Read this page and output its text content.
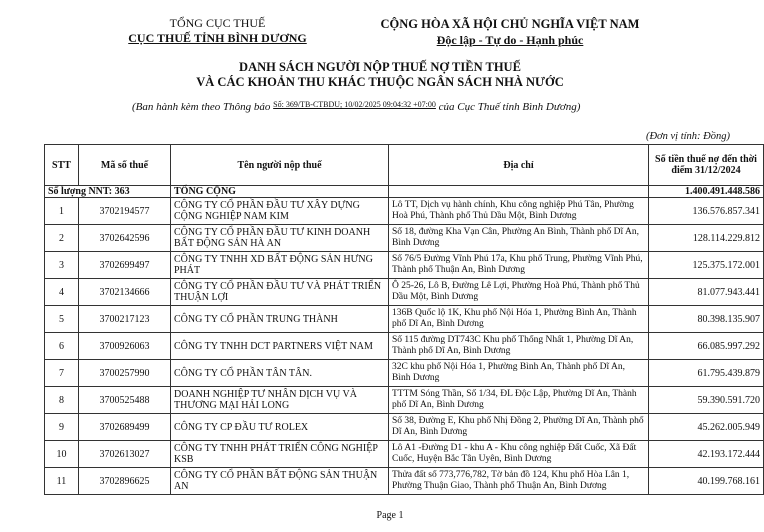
TỔNG CỤC THUẾ
CỤC THUẾ TỈNH BÌNH DƯƠNG
CỘNG HÒA XÃ HỘI CHỦ NGHĨA VIỆT NAM
Độc lập - Tự do - Hạnh phúc
DANH SÁCH NGƯỜI NỘP THUẾ NỢ TIỀN THUẾ
VÀ CÁC KHOẢN THU KHÁC THUỘC NGÂN SÁCH NHÀ NƯỚC
(Ban hành kèm theo Thông báo $^{Số: 369/TB-CTBDU; 10/02/2025 09:04:32 +07:00}$ của Cục Thuế tỉnh Bình Dương)
(Đơn vị tính: Đồng)
STT	Mã số thuế	Tên người nộp thuế	Địa chỉ	Số tiền thuế nợ đến thời điểm 31/12/2024
Số lượng NNT: 363		TỔNG CỘNG		1.400.491.448.586
1	3702194577	CÔNG TY CỔ PHẦN ĐẦU TƯ XÂY DỰNG CỘNG NGHIỆP NAM KIM	Lô TT, Dịch vụ hành chính, Khu công nghiệp Phú Tân, Phường Hoà Phú, Thành phố Thủ Dầu Một, Bình Dương	136.576.857.341
2	3702642596	CÔNG TY CỔ PHẦN ĐẦU TƯ KINH DOANH BẤT ĐỘNG SẢN HÀ AN	Số 18, đường Kha Vạn Cân, Phường An Bình, Thành phố Dĩ An, Bình Dương	128.114.229.812
3	3702699497	CÔNG TY TNHH XD BẤT ĐỘNG SẢN HƯNG PHÁT	Số 76/5 Đường Vĩnh Phú 17a, Khu phố Trung, Phường Vĩnh Phú, Thành phố Thuận An, Bình Dương	125.375.172.001
4	3702134666	CÔNG TY CỔ PHẦN ĐẦU TƯ VÀ PHÁT TRIỂN THUẬN LỢI	Ô 25-26, Lô B, Đường Lê Lợi, Phường Hoà Phú, Thành phố Thủ Dầu Một, Bình Dương	81.077.943.441
5	3700217123	CÔNG TY CỔ PHẦN TRUNG THÀNH	136B Quốc lộ 1K, Khu phố Nội Hóa 1, Phường Bình An, Thành phố Dĩ An, Bình Dương	80.398.135.907
6	3700926063	CÔNG TY TNHH DCT PARTNERS VIỆT NAM	Số 115 đường DT743C Khu phố Thống Nhất 1, Phường Dĩ An, Thành phố Dĩ An, Bình Dương	66.085.997.292
7	3700257990	CÔNG TY CỔ PHẦN TÂN TÂN.	32C khu phố Nội Hóa 1, Phường Bình An, Thành phố Dĩ An, Bình Dương	61.795.439.879
8	3700525488	DOANH NGHIỆP TƯ NHÂN DỊCH VỤ VÀ THƯƠNG MẠI HẢI LONG	TTTM Sóng Thần, Số 1/34, ĐL Độc Lập, Phường Dĩ An, Thành phố Dĩ An, Bình Dương	59.390.591.720
9	3702689499	CÔNG TY CP ĐẦU TƯ ROLEX	Số 38, Đường E, Khu phố Nhị Đồng 2, Phường Dĩ An, Thành phố Dĩ An, Bình Dương	45.262.005.949
10	3702613027	CÔNG TY TNHH PHÁT TRIỂN CÔNG NGHIỆP KSB	Lô A1 -Đường D1 - khu A - Khu công nghiệp Đất Cuốc, Xã Đất Cuốc, Huyện Bắc Tân Uyên, Bình Dương	42.193.172.444
11	3702896625	CÔNG TY CỔ PHẦN BẤT ĐỘNG SẢN THUẬN AN	Thửa đất số 773,776,782, Tờ bản đồ 124, Khu phố Hòa Lân 1, Phường Thuận Giao, Thành phố Thuận An, Bình Dương	40.199.768.161
Page 1
